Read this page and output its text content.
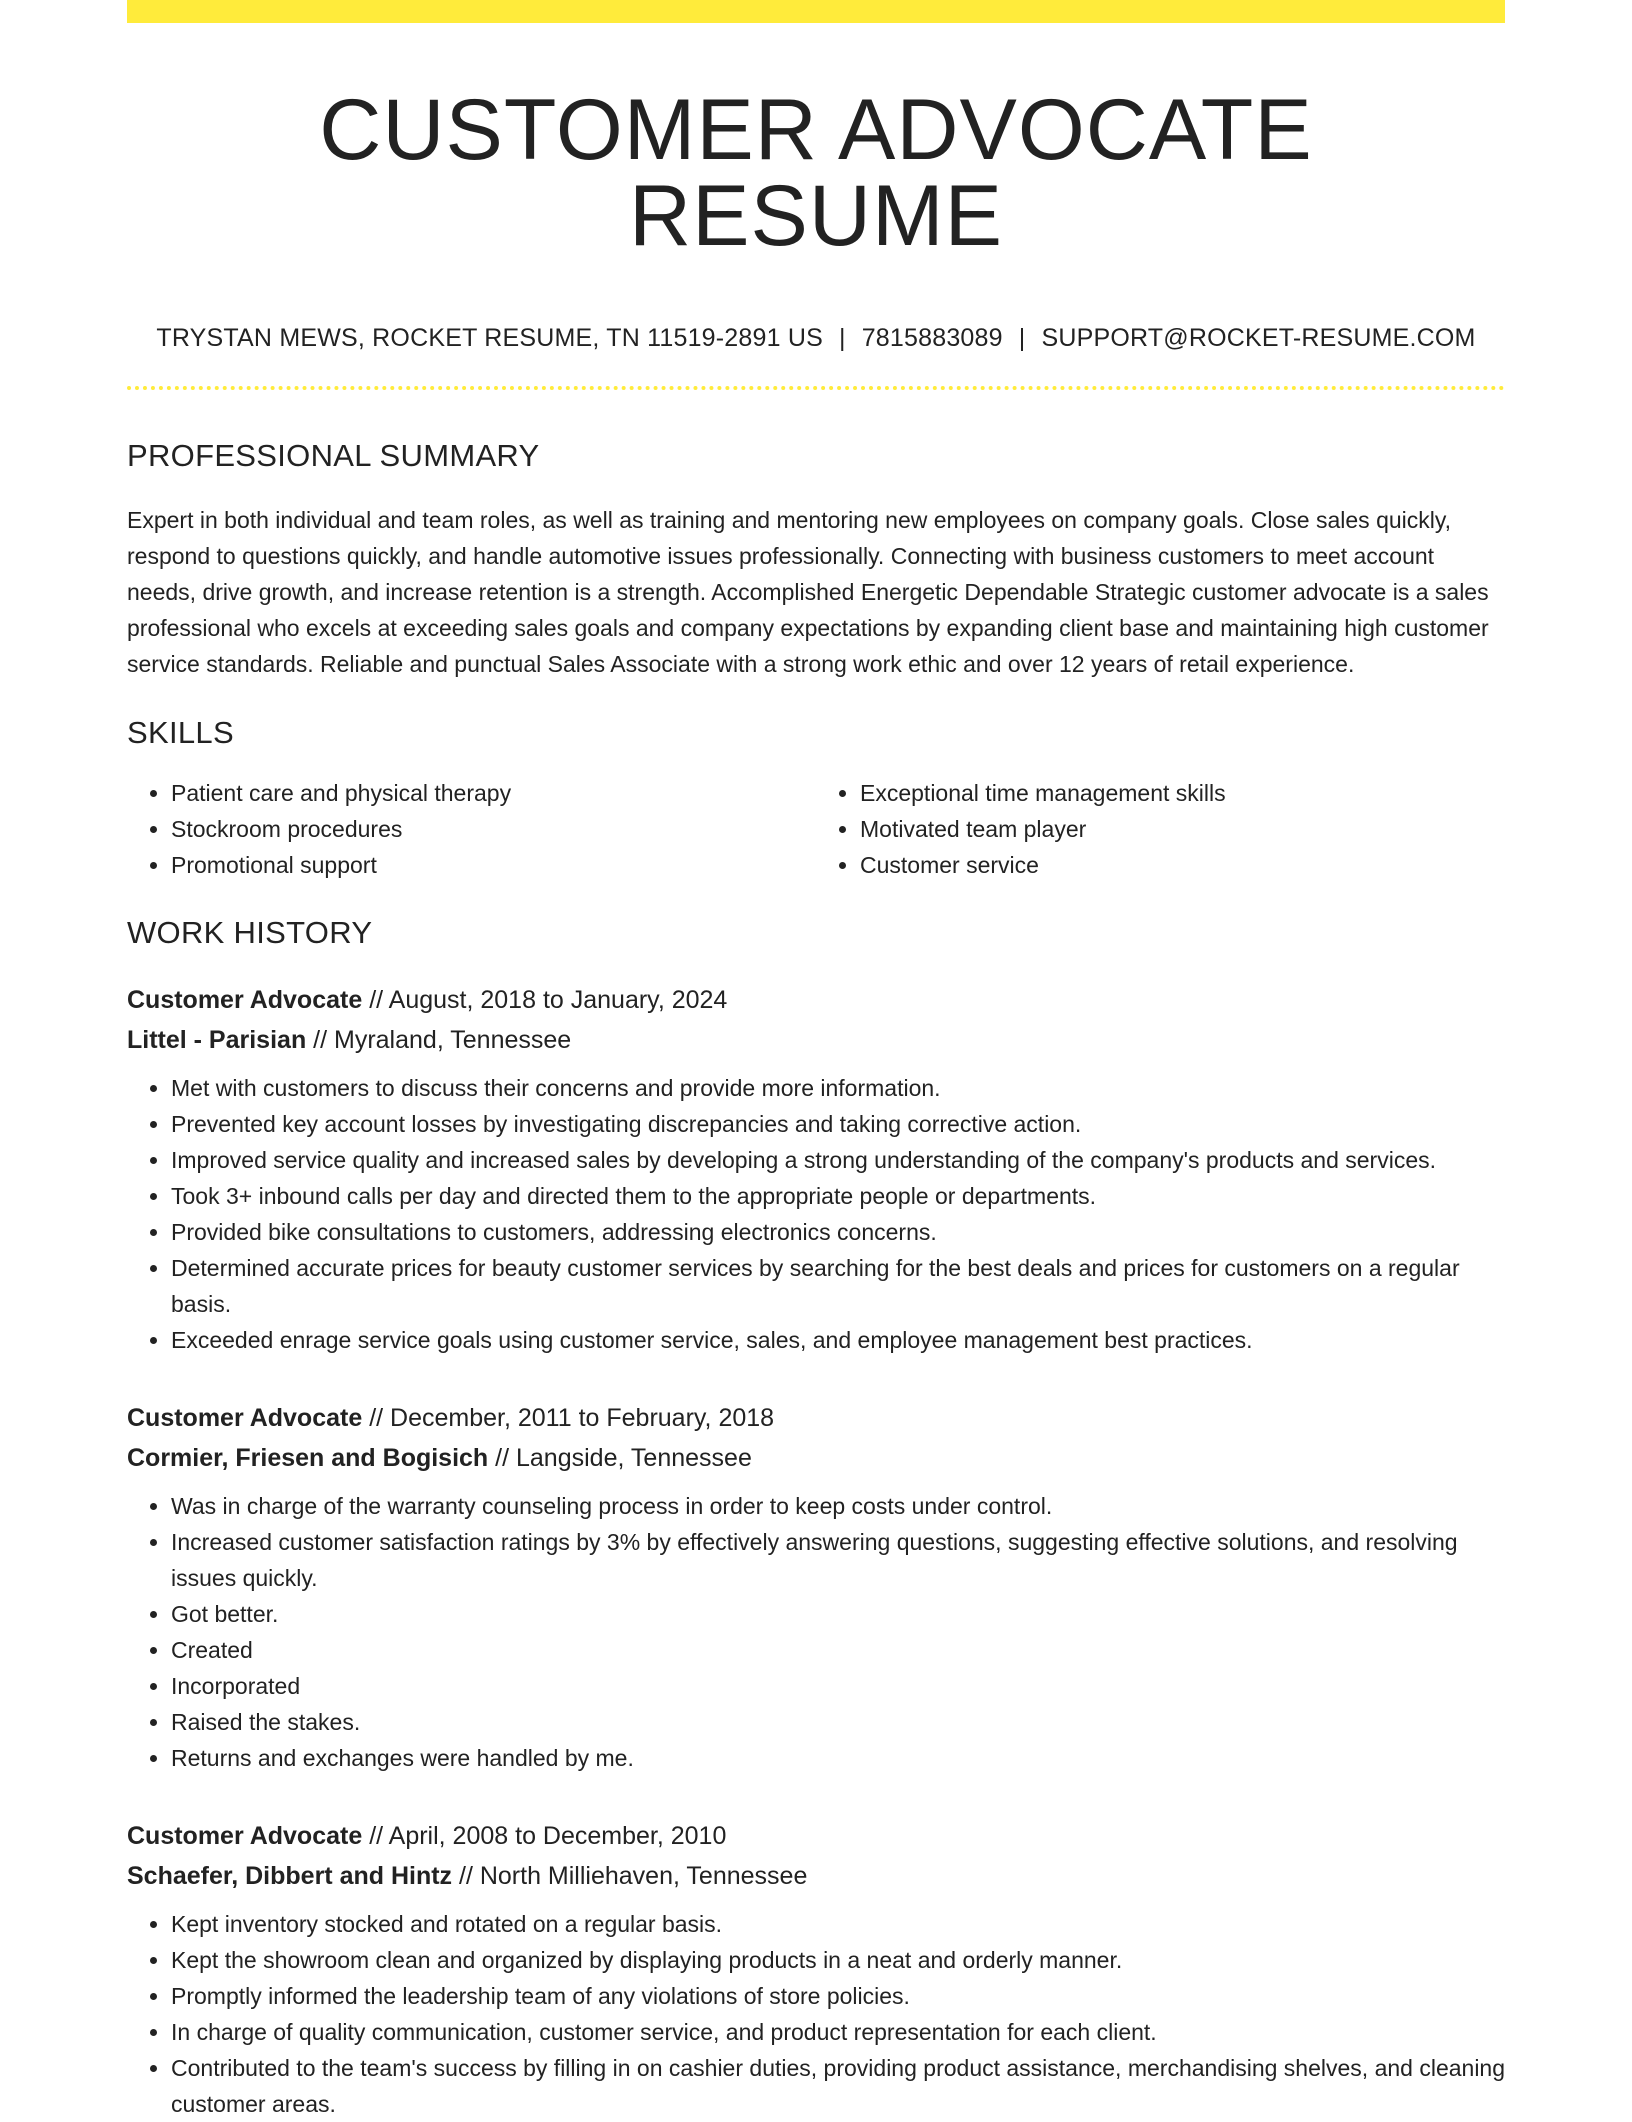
CUSTOMER ADVOCATE RESUME
TRYSTAN MEWS, ROCKET RESUME, TN 11519-2891 US | 7815883089 | SUPPORT@ROCKET-RESUME.COM
PROFESSIONAL SUMMARY

Expert in both individual and team roles, as well as training and mentoring new employees on company goals. Close sales quickly, respond to questions quickly, and handle automotive issues professionally. Connecting with business customers to meet account needs, drive growth, and increase retention is a strength. Accomplished Energetic Dependable Strategic customer advocate is a sales professional who excels at exceeding sales goals and company expectations by expanding client base and maintaining high customer service standards. Reliable and punctual Sales Associate with a strong work ethic and over 12 years of retail experience.

SKILLS
• Patient care and physical therapy
• Stockroom procedures
• Promotional support
• Exceptional time management skills
• Motivated team player
• Customer service
WORK HISTORY
Customer Advocate // August, 2018 to January, 2024
Littel - Parisian // Myraland, Tennessee
• Met with customers to discuss their concerns and provide more information.
• Prevented key account losses by investigating discrepancies and taking corrective action.
• Improved service quality and increased sales by developing a strong understanding of the company's products and services.
• Took 3+ inbound calls per day and directed them to the appropriate people or departments.
• Provided bike consultations to customers, addressing electronics concerns.
• Determined accurate prices for beauty customer services by searching for the best deals and prices for customers on a regular basis.
• Exceeded enrage service goals using customer service, sales, and employee management best practices.
Customer Advocate // December, 2011 to February, 2018
Cormier, Friesen and Bogisich // Langside, Tennessee
• Was in charge of the warranty counseling process in order to keep costs under control.
• Increased customer satisfaction ratings by 3% by effectively answering questions, suggesting effective solutions, and resolving issues quickly.
• Got better.
• Created
• Incorporated
• Raised the stakes.
• Returns and exchanges were handled by me.
Customer Advocate // April, 2008 to December, 2010
Schaefer, Dibbert and Hintz // North Milliehaven, Tennessee
• Kept inventory stocked and rotated on a regular basis.
• Kept the showroom clean and organized by displaying products in a neat and orderly manner.
• Promptly informed the leadership team of any violations of store policies.
• In charge of quality communication, customer service, and product representation for each client.
• Contributed to the team's success by filling in on cashier duties, providing product assistance, merchandising shelves, and cleaning customer areas.
